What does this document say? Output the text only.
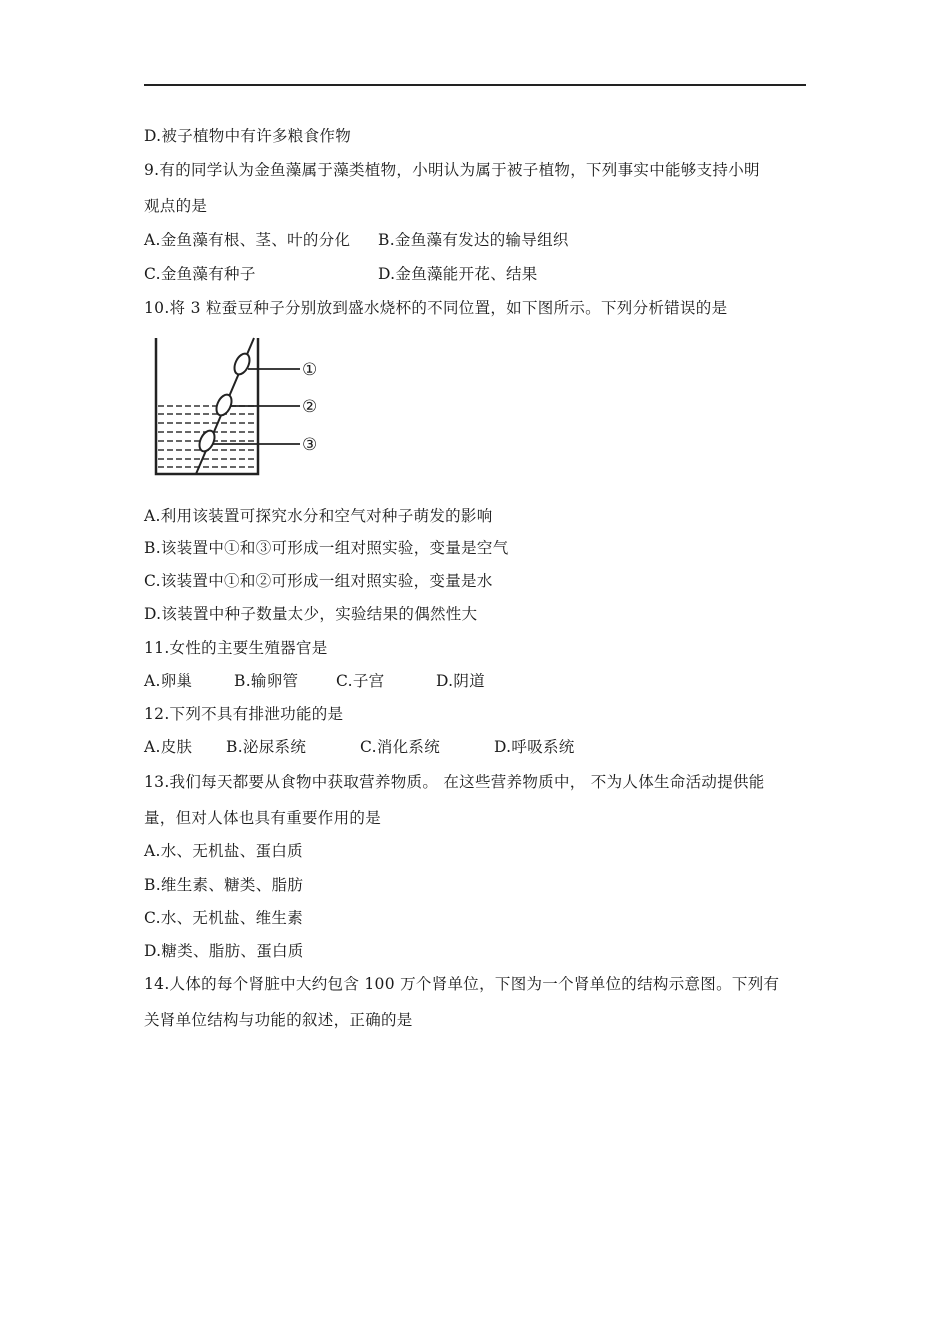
D.被子植物中有许多粮食作物
9.有的同学认为金鱼藻属于藻类植物，小明认为属于被子植物，下列事实中能够支持小明
观点的是
A.金鱼藻有根、茎、叶的分化 B.金鱼藻有发达的输导组织
C.金鱼藻有种子	D.金鱼藻能开花、结果
10.将 3 粒蚕豆种子分别放到盛水烧杯的不同位置，如下图所示。下列分析错误的是
①
②
③
A.利用该装置可探究水分和空气对种子萌发的影响
B.该装置中①和③可形成一组对照实验，变量是空气
C.该装置中①和②可形成一组对照实验，变量是水
D.该装置中种子数量太少，实验结果的偶然性大
11.女性的主要生殖器官是
A.卵巢	B.输卵管 C.子宫	D.阴道
12.下列不具有排泄功能的是
A.皮肤 B.泌尿系统	C.消化系统	D.呼吸系统
13.我们每天都要从食物中获取营养物质。 在这些营养物质中， 不为人体生命活动提供能
量，但对人体也具有重要作用的是
A.水、无机盐、蛋白质
B.维生素、糖类、脂肪
C.水、无机盐、维生素
D.糖类、脂肪、蛋白质
14.人体的每个肾脏中大约包含 100 万个肾单位，下图为一个肾单位的结构示意图。下列有
关肾单位结构与功能的叙述，正确的是
